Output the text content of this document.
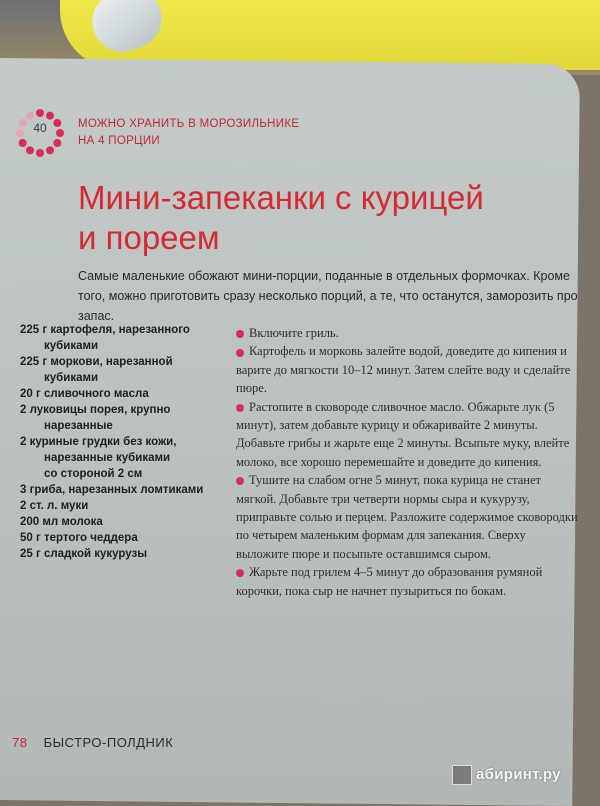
40	МОЖНО ХРАНИТЬ В МОРОЗИЛЬНИКЕ
НА 4 ПОРЦИИ
Мини-запеканки с курицей
и пореем
Самые маленькие обожают мини-порции, поданные в отдельных формочках. Кроме того, можно приготовить сразу несколько порций, а те, что останутся, заморозить про запас.
225 г картофеля, нарезанного
кубиками
225 г моркови, нарезанной
кубиками
20 г сливочного масла
2 луковицы порея, крупно
нарезанные
2 куриные грудки без кожи,
нарезанные кубиками
со стороной 2 см
3 гриба, нарезанных ломтиками
2 ст. л. муки
200 мл молока
50 г тертого чеддера
25 г сладкой кукурузы
Включите гриль.
Картофель и морковь залейте водой, доведите до кипения и варите до мягкости 10–12 минут. Затем слейте воду и сделайте пюре.
Растопите в сковороде сливочное масло. Обжарьте лук (5 минут), затем добавьте курицу и обжаривайте 2 минуты. Добавьте грибы и жарьте еще 2 минуты. Всыпьте муку, влейте молоко, все хорошо перемешайте и доведите до кипения.
Тушите на слабом огне 5 минут, пока курица не станет мягкой. Добавьте три четверти нормы сыра и кукурузу, приправьте солью и перцем. Разложите содержимое сковородки по четырем маленьким формам для запекания. Сверху выложите пюре и посыпьте оставшимся сыром.
Жарьте под грилем 4–5 минут до образования румяной корочки, пока сыр не начнет пузыриться по бокам.
78 БЫСТРО-ПОЛДНИК
абиринт.ру
